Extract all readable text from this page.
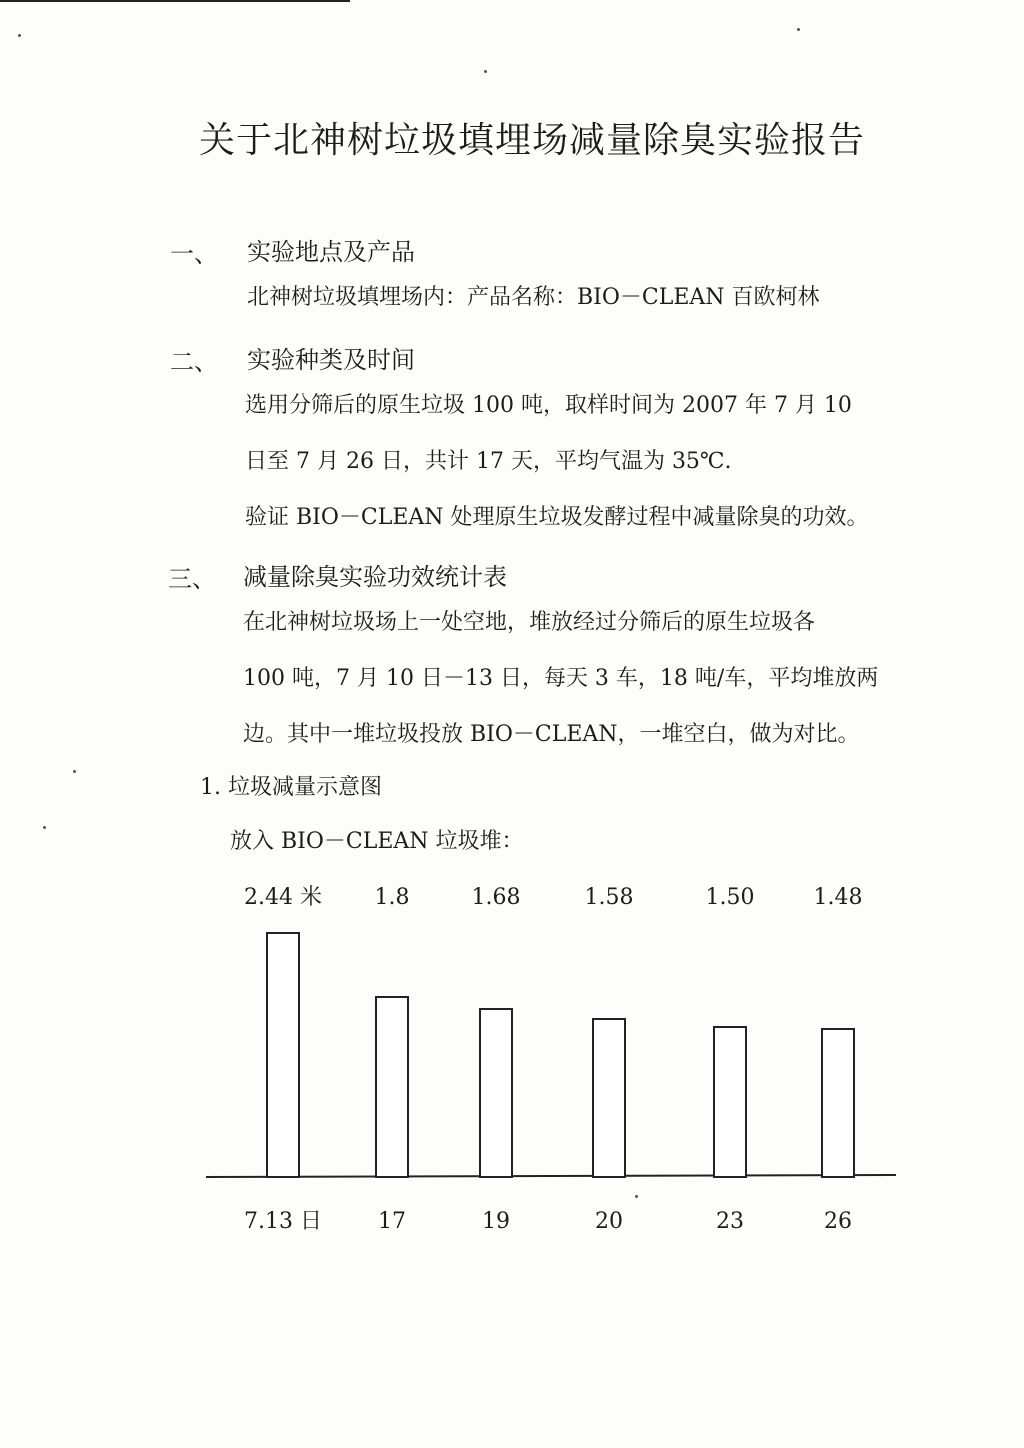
关于北神树垃圾填埋场减量除臭实验报告
一、 实验地点及产品
北神树垃圾填埋场内：产品名称：BIO－CLEAN 百欧柯林
二、 实验种类及时间
选用分筛后的原生垃圾 100 吨，取样时间为 2007 年 7 月 10
日至 7 月 26 日，共计 17 天，平均气温为 35℃.
验证 BIO－CLEAN 处理原生垃圾发酵过程中减量除臭的功效。
三、 减量除臭实验功效统计表
在北神树垃圾场上一处空地，堆放经过分筛后的原生垃圾各
100 吨，7 月 10 日－13 日，每天 3 车，18 吨/车，平均堆放两
边。其中一堆垃圾投放 BIO－CLEAN，一堆空白，做为对比。
1. 垃圾减量示意图
放入 BIO－CLEAN 垃圾堆：
2.44 米
7.13 日
1.8
17
1.68
19
1.58
20
1.50
23
1.48
26
